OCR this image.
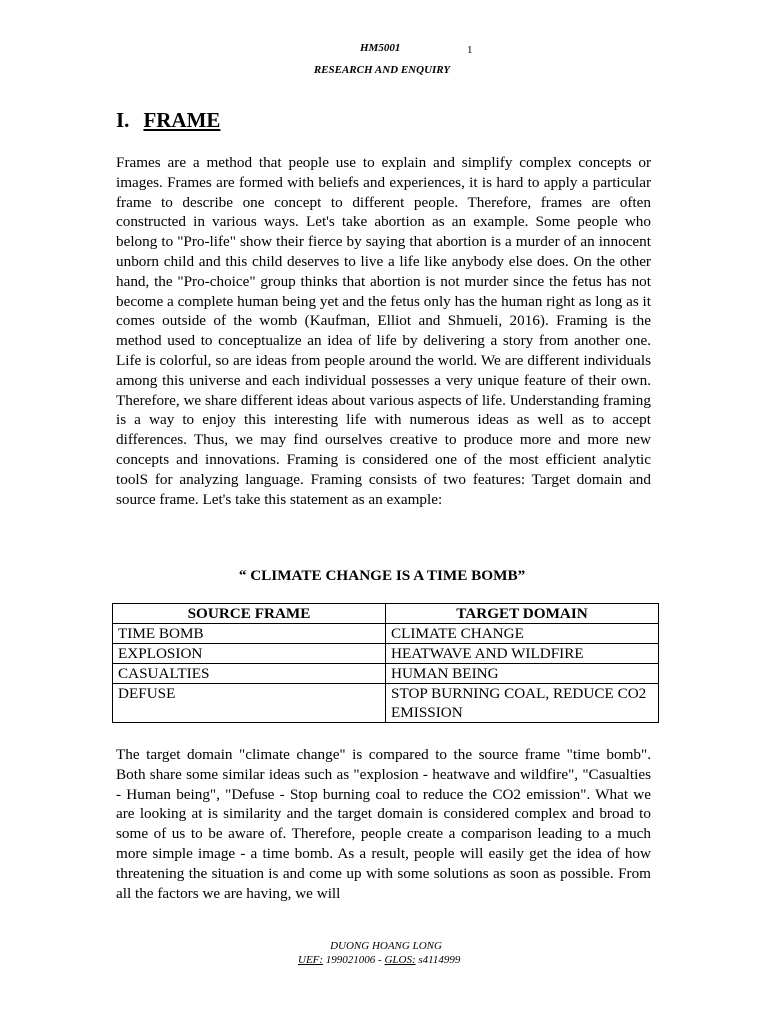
HM5001	1
RESEARCH AND ENQUIRY
I. FRAME

Frames are a method that people use to explain and simplify complex concepts or images. Frames are formed with beliefs and experiences, it is hard to apply a particular frame to describe one concept to different people. Therefore, frames are often constructed in various ways. Let's take abortion as an example. Some people who belong to "Pro-life" show their fierce by saying that abortion is a murder of an innocent unborn child and this child deserves to live a life like anybody else does. On the other hand, the "Pro-choice" group thinks that abortion is not murder since the fetus has not become a complete human being yet and the fetus only has the human right as long as it comes outside of the womb (Kaufman, Elliot and Shmueli, 2016). Framing is the method used to conceptualize an idea of life by delivering a story from another one. Life is colorful, so are ideas from people around the world. We are different individuals among this universe and each individual possesses a very unique feature of their own. Therefore, we share different ideas about various aspects of life. Understanding framing is a way to enjoy this interesting life with numerous ideas as well as to accept differences. Thus, we may find ourselves creative to produce more and more new concepts and innovations. Framing is considered one of the most efficient analytic toolS for analyzing language. Framing consists of two features: Target domain and source frame. Let's take this statement as an example:

“ CLIMATE CHANGE IS A TIME BOMB”
SOURCE FRAME	TARGET DOMAIN
TIME BOMB	CLIMATE CHANGE
EXPLOSION	HEATWAVE AND WILDFIRE
CASUALTIES	HUMAN BEING
DEFUSE	STOP BURNING COAL, REDUCE CO2 EMISSION

The target domain "climate change" is compared to the source frame "time bomb". Both share some similar ideas such as "explosion - heatwave and wildfire", "Casualties - Human being", "Defuse - Stop burning coal to reduce the CO2 emission". What we are looking at is similarity and the target domain is considered complex and broad to some of us to be aware of. Therefore, people create a comparison leading to a much more simple image - a time bomb. As a result, people will easily get the idea of how threatening the situation is and come up with some solutions as soon as possible. From all the factors we are having, we will

DUONG HOANG LONG
UEF: 199021006 - GLOS: s4114999
